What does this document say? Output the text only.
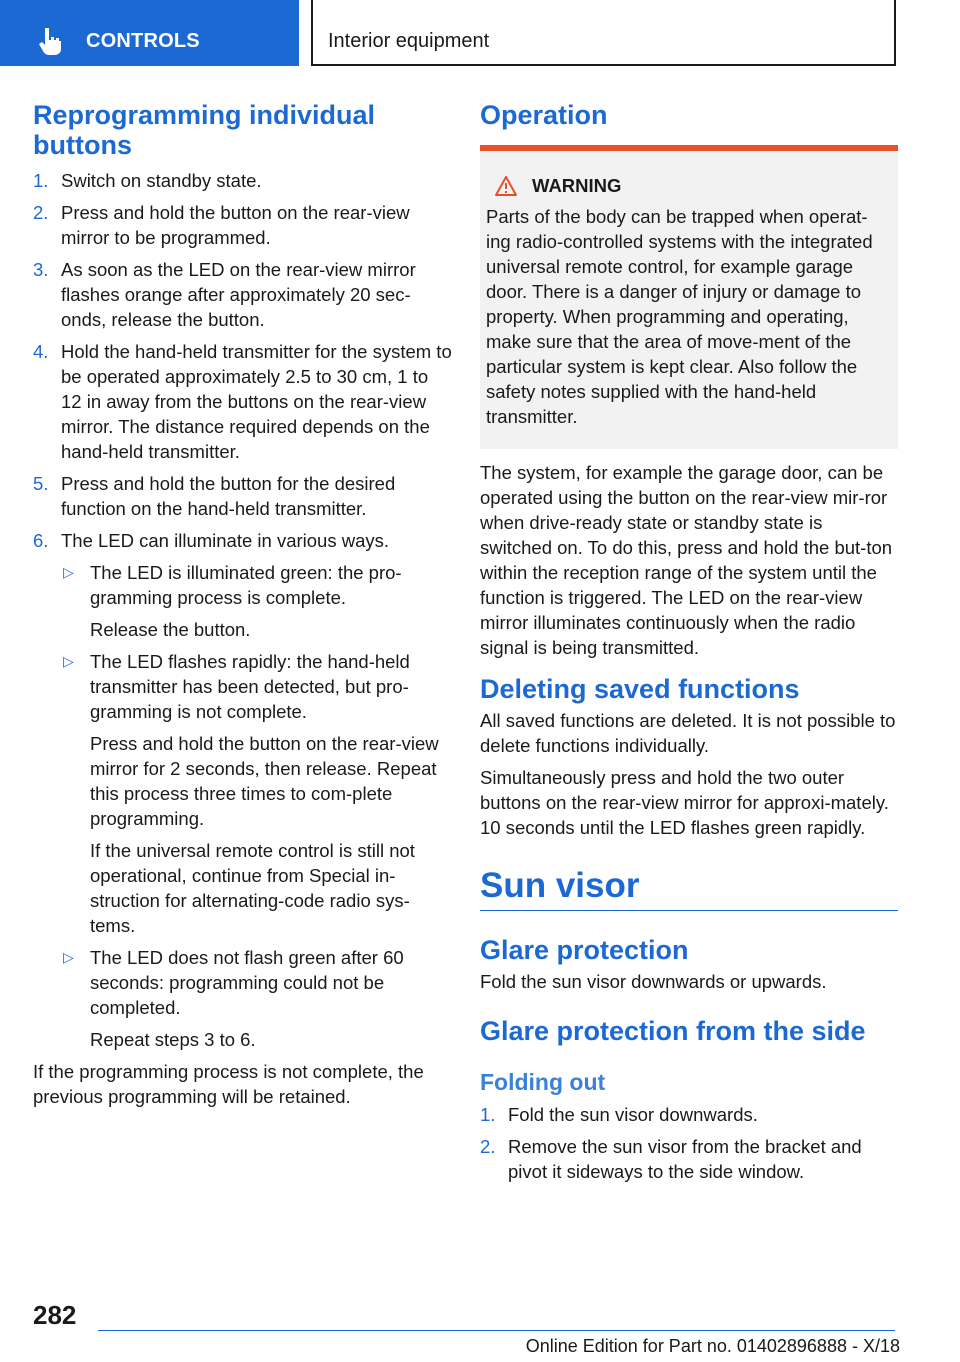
CONTROLS	Interior equipment
Reprogramming individual buttons
1. Switch on standby state.
2. Press and hold the button on the rear-view mirror to be programmed.
3. As soon as the LED on the rear-view mirror flashes orange after approximately 20 sec‐onds, release the button.
4. Hold the hand-held transmitter for the system to be operated approximately 2.5 to 30 cm, 1 to 12 in away from the buttons on the rear-view mirror. The distance required depends on the hand-held transmitter.
5. Press and hold the button for the desired function on the hand-held transmitter.
6. The LED can illuminate in various ways.
▷ The LED is illuminated green: the pro‐gramming process is complete.

Release the button.

▷ The LED flashes rapidly: the hand-held transmitter has been detected, but pro‐gramming is not complete.

Press and hold the button on the rear-view mirror for 2 seconds, then release. Repeat this process three times to com‐plete programming.

If the universal remote control is still not operational, continue from Special in‐struction for alternating-code radio sys‐tems.

▷ The LED does not flash green after 60 seconds: programming could not be completed.

Repeat steps 3 to 6.

If the programming process is not complete, the previous programming will be retained.

Operation
WARNING

Parts of the body can be trapped when operat‐ing radio-controlled systems with the integrated universal remote control, for example garage door. There is a danger of injury or damage to property. When programming and operating, make sure that the area of move‐ment of the particular system is kept clear. Also follow the safety notes supplied with the hand-held transmitter.

The system, for example the garage door, can be operated using the button on the rear-view mir‐ror when drive-ready state or standby state is switched on. To do this, press and hold the but‐ton within the reception range of the system until the function is triggered. The LED on the rear-view mirror illuminates continuously when the radio signal is being transmitted.

Deleting saved functions

All saved functions are deleted. It is not possible to delete functions individually.

Simultaneously press and hold the two outer buttons on the rear-view mirror for approxi‐mately. 10 seconds until the LED flashes green rapidly.

Sun visor
Glare protection

Fold the sun visor downwards or upwards.

Glare protection from the side
Folding out
1. Fold the sun visor downwards.
2. Remove the sun visor from the bracket and pivot it sideways to the side window.
282
Online Edition for Part no. 01402896888 - X/18
